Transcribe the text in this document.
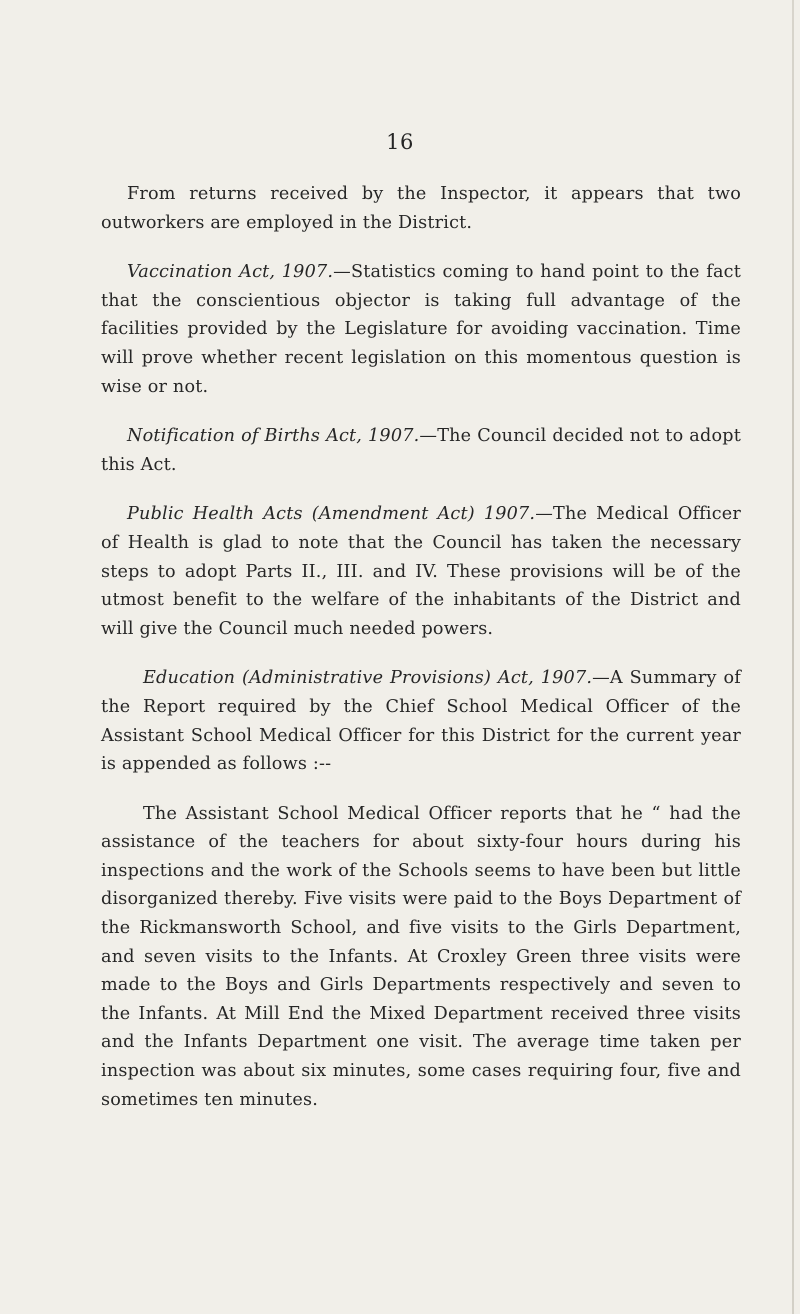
16

From returns received by the Inspector, it appears that two outworkers are employed in the District.

Vaccination Act, 1907.—Statistics coming to hand point to the fact that the conscientious objector is taking full advantage of the facilities provided by the Legislature for avoiding vaccination. Time will prove whether recent legislation on this momentous question is wise or not.

Notification of Births Act, 1907.—The Council decided not to adopt this Act.

Public Health Acts (Amendment Act) 1907.—The Medical Officer of Health is glad to note that the Council has taken the necessary steps to adopt Parts II., III. and IV. These provisions will be of the utmost benefit to the welfare of the inhabitants of the District and will give the Council much needed powers.

Education (Administrative Provisions) Act, 1907.—A Summary of the Report required by the Chief School Medical Officer of the Assistant School Medical Officer for this District for the current year is appended as follows :--

The Assistant School Medical Officer reports that he “ had the assistance of the teachers for about sixty-four hours during his inspections and the work of the Schools seems to have been but little disorganized thereby. Five visits were paid to the Boys Department of the Rickmansworth School, and five visits to the Girls Department, and seven visits to the Infants. At Croxley Green three visits were made to the Boys and Girls Departments respectively and seven to the Infants. At Mill End the Mixed Department received three visits and the Infants Department one visit. The average time taken per inspection was about six minutes, some cases requiring four, five and sometimes ten minutes.
